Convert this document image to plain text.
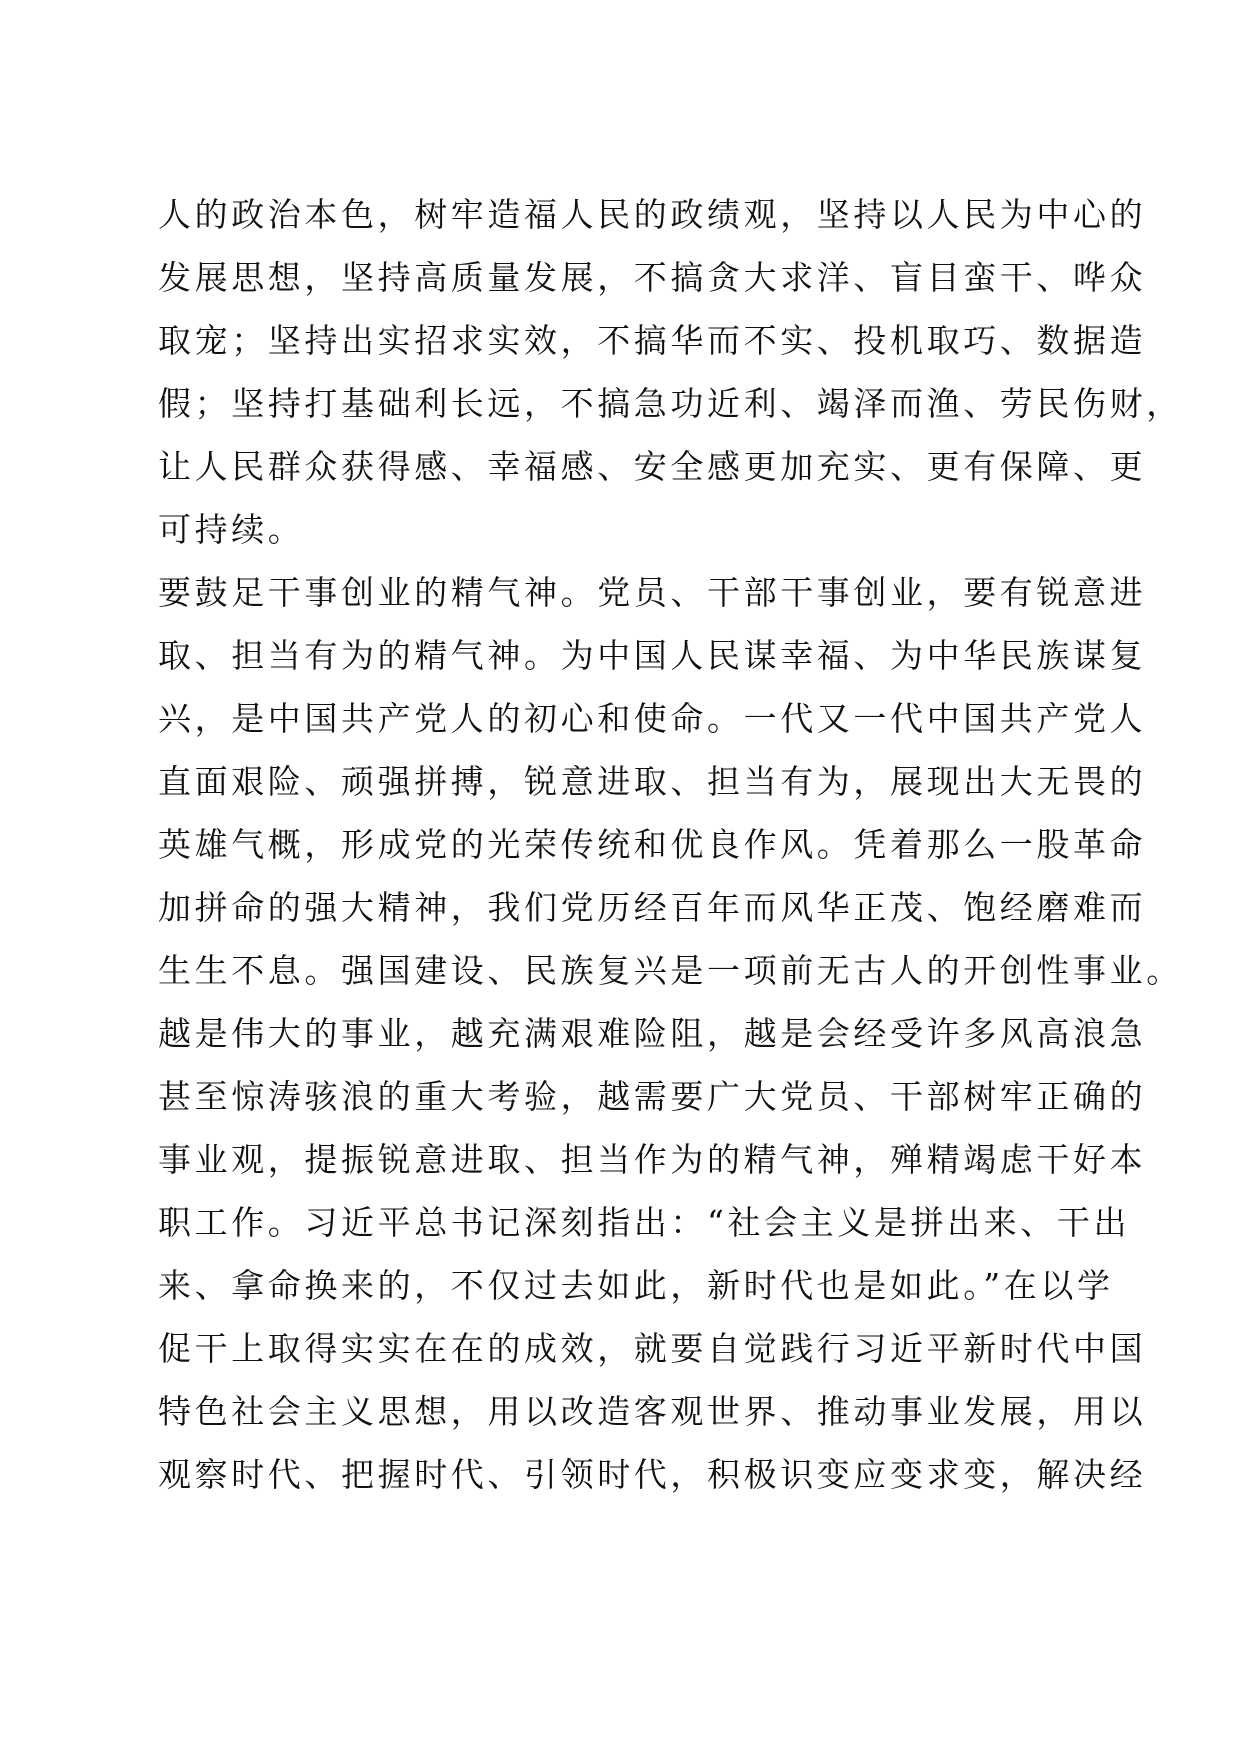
人的政治本色，树牢造福人民的政绩观，坚持以人民为中心的
发展思想，坚持高质量发展，不搞贪大求洋、盲目蛮干、哗众
取宠；坚持出实招求实效，不搞华而不实、投机取巧、数据造
假；坚持打基础利长远，不搞急功近利、竭泽而渔、劳民伤财，
让人民群众获得感、幸福感、安全感更加充实、更有保障、更
可持续。
要鼓足干事创业的精气神。党员、干部干事创业，要有锐意进
取、担当有为的精气神。为中国人民谋幸福、为中华民族谋复
兴，是中国共产党人的初心和使命。一代又一代中国共产党人
直面艰险、顽强拼搏，锐意进取、担当有为，展现出大无畏的
英雄气概，形成党的光荣传统和优良作风。凭着那么一股革命
加拼命的强大精神，我们党历经百年而风华正茂、饱经磨难而
生生不息。强国建设、民族复兴是一项前无古人的开创性事业。
越是伟大的事业，越充满艰难险阻，越是会经受许多风高浪急
甚至惊涛骇浪的重大考验，越需要广大党员、干部树牢正确的
事业观，提振锐意进取、担当作为的精气神，殚精竭虑干好本
职工作。习近平总书记深刻指出：“社会主义是拼出来、干出
来、拿命换来的，不仅过去如此，新时代也是如此。”在以学
促干上取得实实在在的成效，就要自觉践行习近平新时代中国
特色社会主义思想，用以改造客观世界、推动事业发展，用以
观察时代、把握时代、引领时代，积极识变应变求变，解决经
